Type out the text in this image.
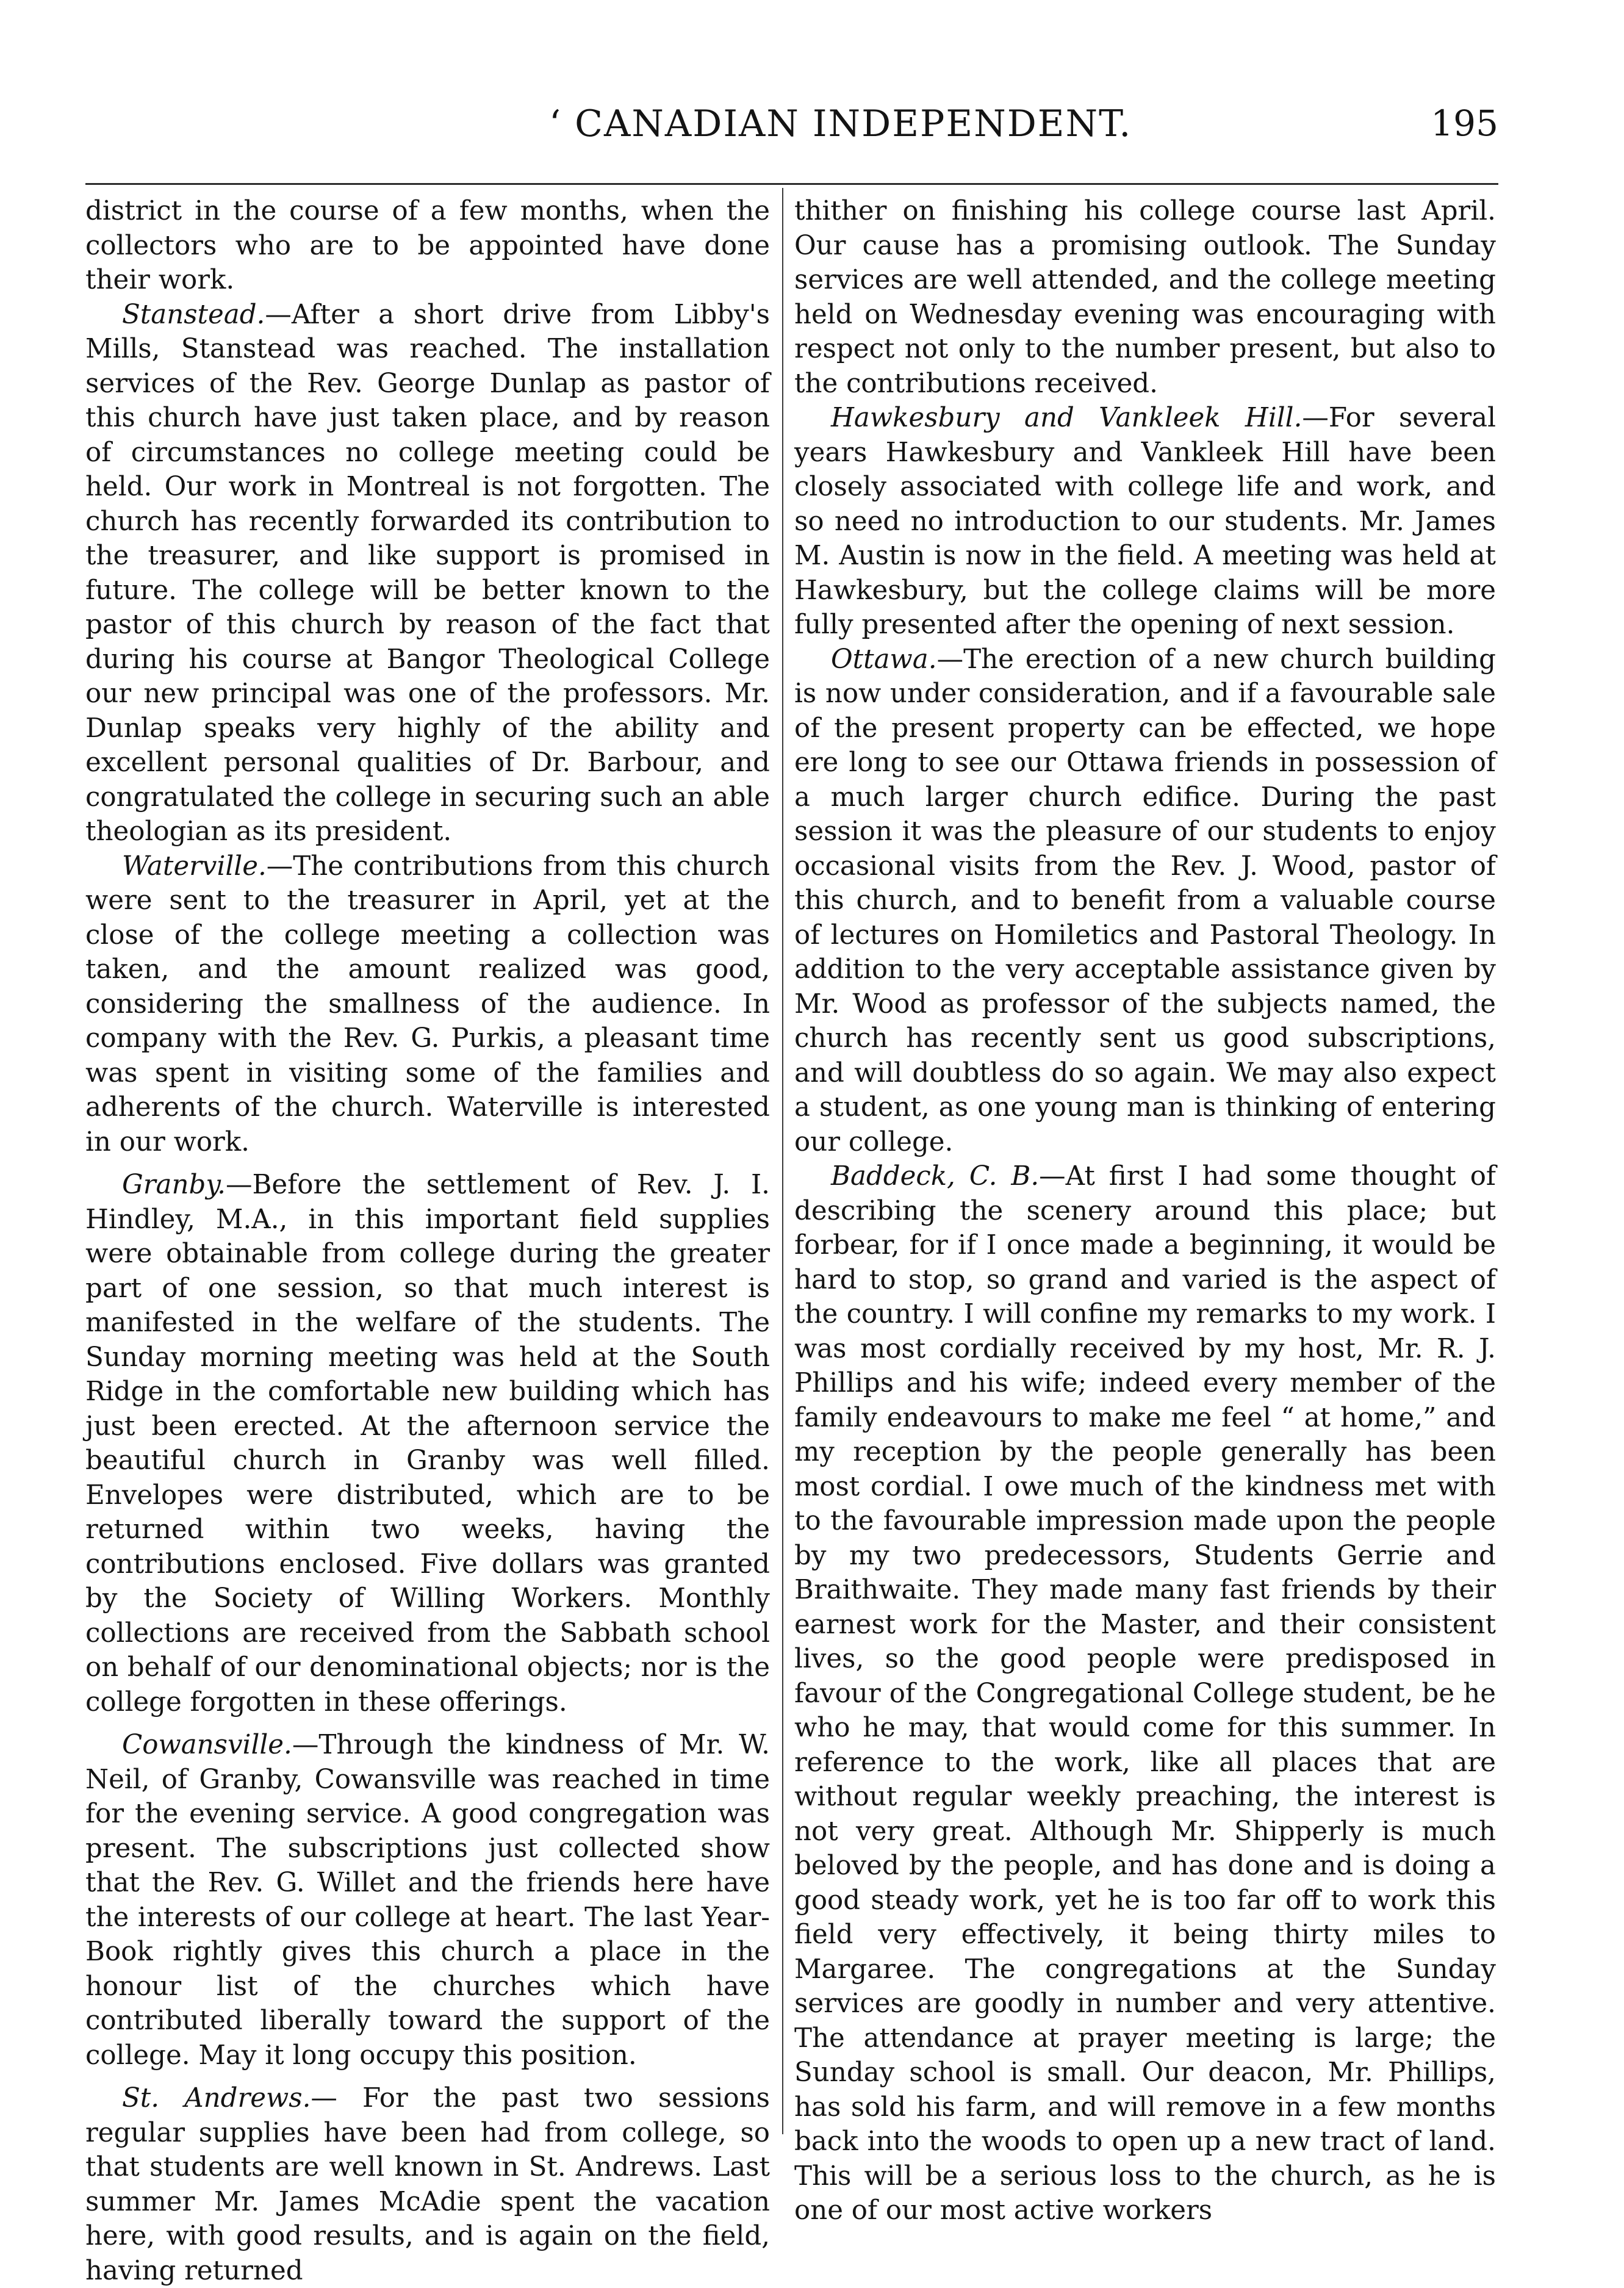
‘ CANADIAN INDEPENDENT.	195

district in the course of a few months, when the collectors who are to be appointed have done their work.

Stanstead.—After a short drive from Libby's Mills, Stanstead was reached. The installation services of the Rev. George Dunlap as pastor of this church have just taken place, and by reason of circumstances no college meeting could be held. Our work in Montreal is not forgotten. The church has recently forwarded its contribution to the treasurer, and like support is promised in future. The college will be better known to the pastor of this church by reason of the fact that during his course at Bangor Theological College our new principal was one of the professors. Mr. Dunlap speaks very highly of the ability and excellent personal qualities of Dr. Barbour, and congratulated the college in securing such an able theologian as its president.

Waterville.—The contributions from this church were sent to the treasurer in April, yet at the close of the college meeting a collection was taken, and the amount realized was good, considering the smallness of the audience. In company with the Rev. G. Purkis, a pleasant time was spent in visiting some of the families and adherents of the church. Waterville is interested in our work.

Granby.—Before the settlement of Rev. J. I. Hindley, M.A., in this important field supplies were obtainable from college during the greater part of one session, so that much interest is manifested in the welfare of the students. The Sunday morning meeting was held at the South Ridge in the comfortable new building which has just been erected. At the afternoon service the beautiful church in Granby was well filled. Envelopes were distributed, which are to be returned within two weeks, having the contributions enclosed. Five dollars was granted by the Society of Willing Workers. Monthly collections are received from the Sabbath school on behalf of our denominational objects; nor is the college forgotten in these offerings.

Cowansville.—Through the kindness of Mr. W. Neil, of Granby, Cowansville was reached in time for the evening service. A good congregation was present. The subscriptions just collected show that the Rev. G. Willet and the friends here have the interests of our college at heart. The last Year-Book rightly gives this church a place in the honour list of the churches which have contributed liberally toward the support of the college. May it long occupy this position.

St. Andrews.— For the past two sessions regular supplies have been had from college, so that students are well known in St. Andrews. Last summer Mr. James McAdie spent the vacation here, with good results, and is again on the field, having returned

thither on finishing his college course last April. Our cause has a promising outlook. The Sunday services are well attended, and the college meeting held on Wednesday evening was encouraging with respect not only to the number present, but also to the contributions received.

Hawkesbury and Vankleek Hill.—For several years Hawkesbury and Vankleek Hill have been closely associated with college life and work, and so need no introduction to our students. Mr. James M. Austin is now in the field. A meeting was held at Hawkesbury, but the college claims will be more fully presented after the opening of next session.

Ottawa.—The erection of a new church building is now under consideration, and if a favourable sale of the present property can be effected, we hope ere long to see our Ottawa friends in possession of a much larger church edifice. During the past session it was the pleasure of our students to enjoy occasional visits from the Rev. J. Wood, pastor of this church, and to benefit from a valuable course of lectures on Homiletics and Pastoral Theology. In addition to the very acceptable assistance given by Mr. Wood as professor of the subjects named, the church has recently sent us good subscriptions, and will doubtless do so again. We may also expect a student, as one young man is thinking of entering our college.

Baddeck, C. B.—At first I had some thought of describing the scenery around this place; but forbear, for if I once made a beginning, it would be hard to stop, so grand and varied is the aspect of the country. I will confine my remarks to my work. I was most cordially received by my host, Mr. R. J. Phillips and his wife; indeed every member of the family endeavours to make me feel “ at home,” and my reception by the people generally has been most cordial. I owe much of the kindness met with to the favourable impression made upon the people by my two predecessors, Students Gerrie and Braithwaite. They made many fast friends by their earnest work for the Master, and their consistent lives, so the good people were predisposed in favour of the Congregational College student, be he who he may, that would come for this summer. In reference to the work, like all places that are without regular weekly preaching, the interest is not very great. Although Mr. Shipperly is much beloved by the people, and has done and is doing a good steady work, yet he is too far off to work this field very effectively, it being thirty miles to Margaree. The congregations at the Sunday services are goodly in number and very attentive. The attendance at prayer meeting is large; the Sunday school is small. Our deacon, Mr. Phillips, has sold his farm, and will remove in a few months back into the woods to open up a new tract of land. This will be a serious loss to the church, as he is one of our most active workers
